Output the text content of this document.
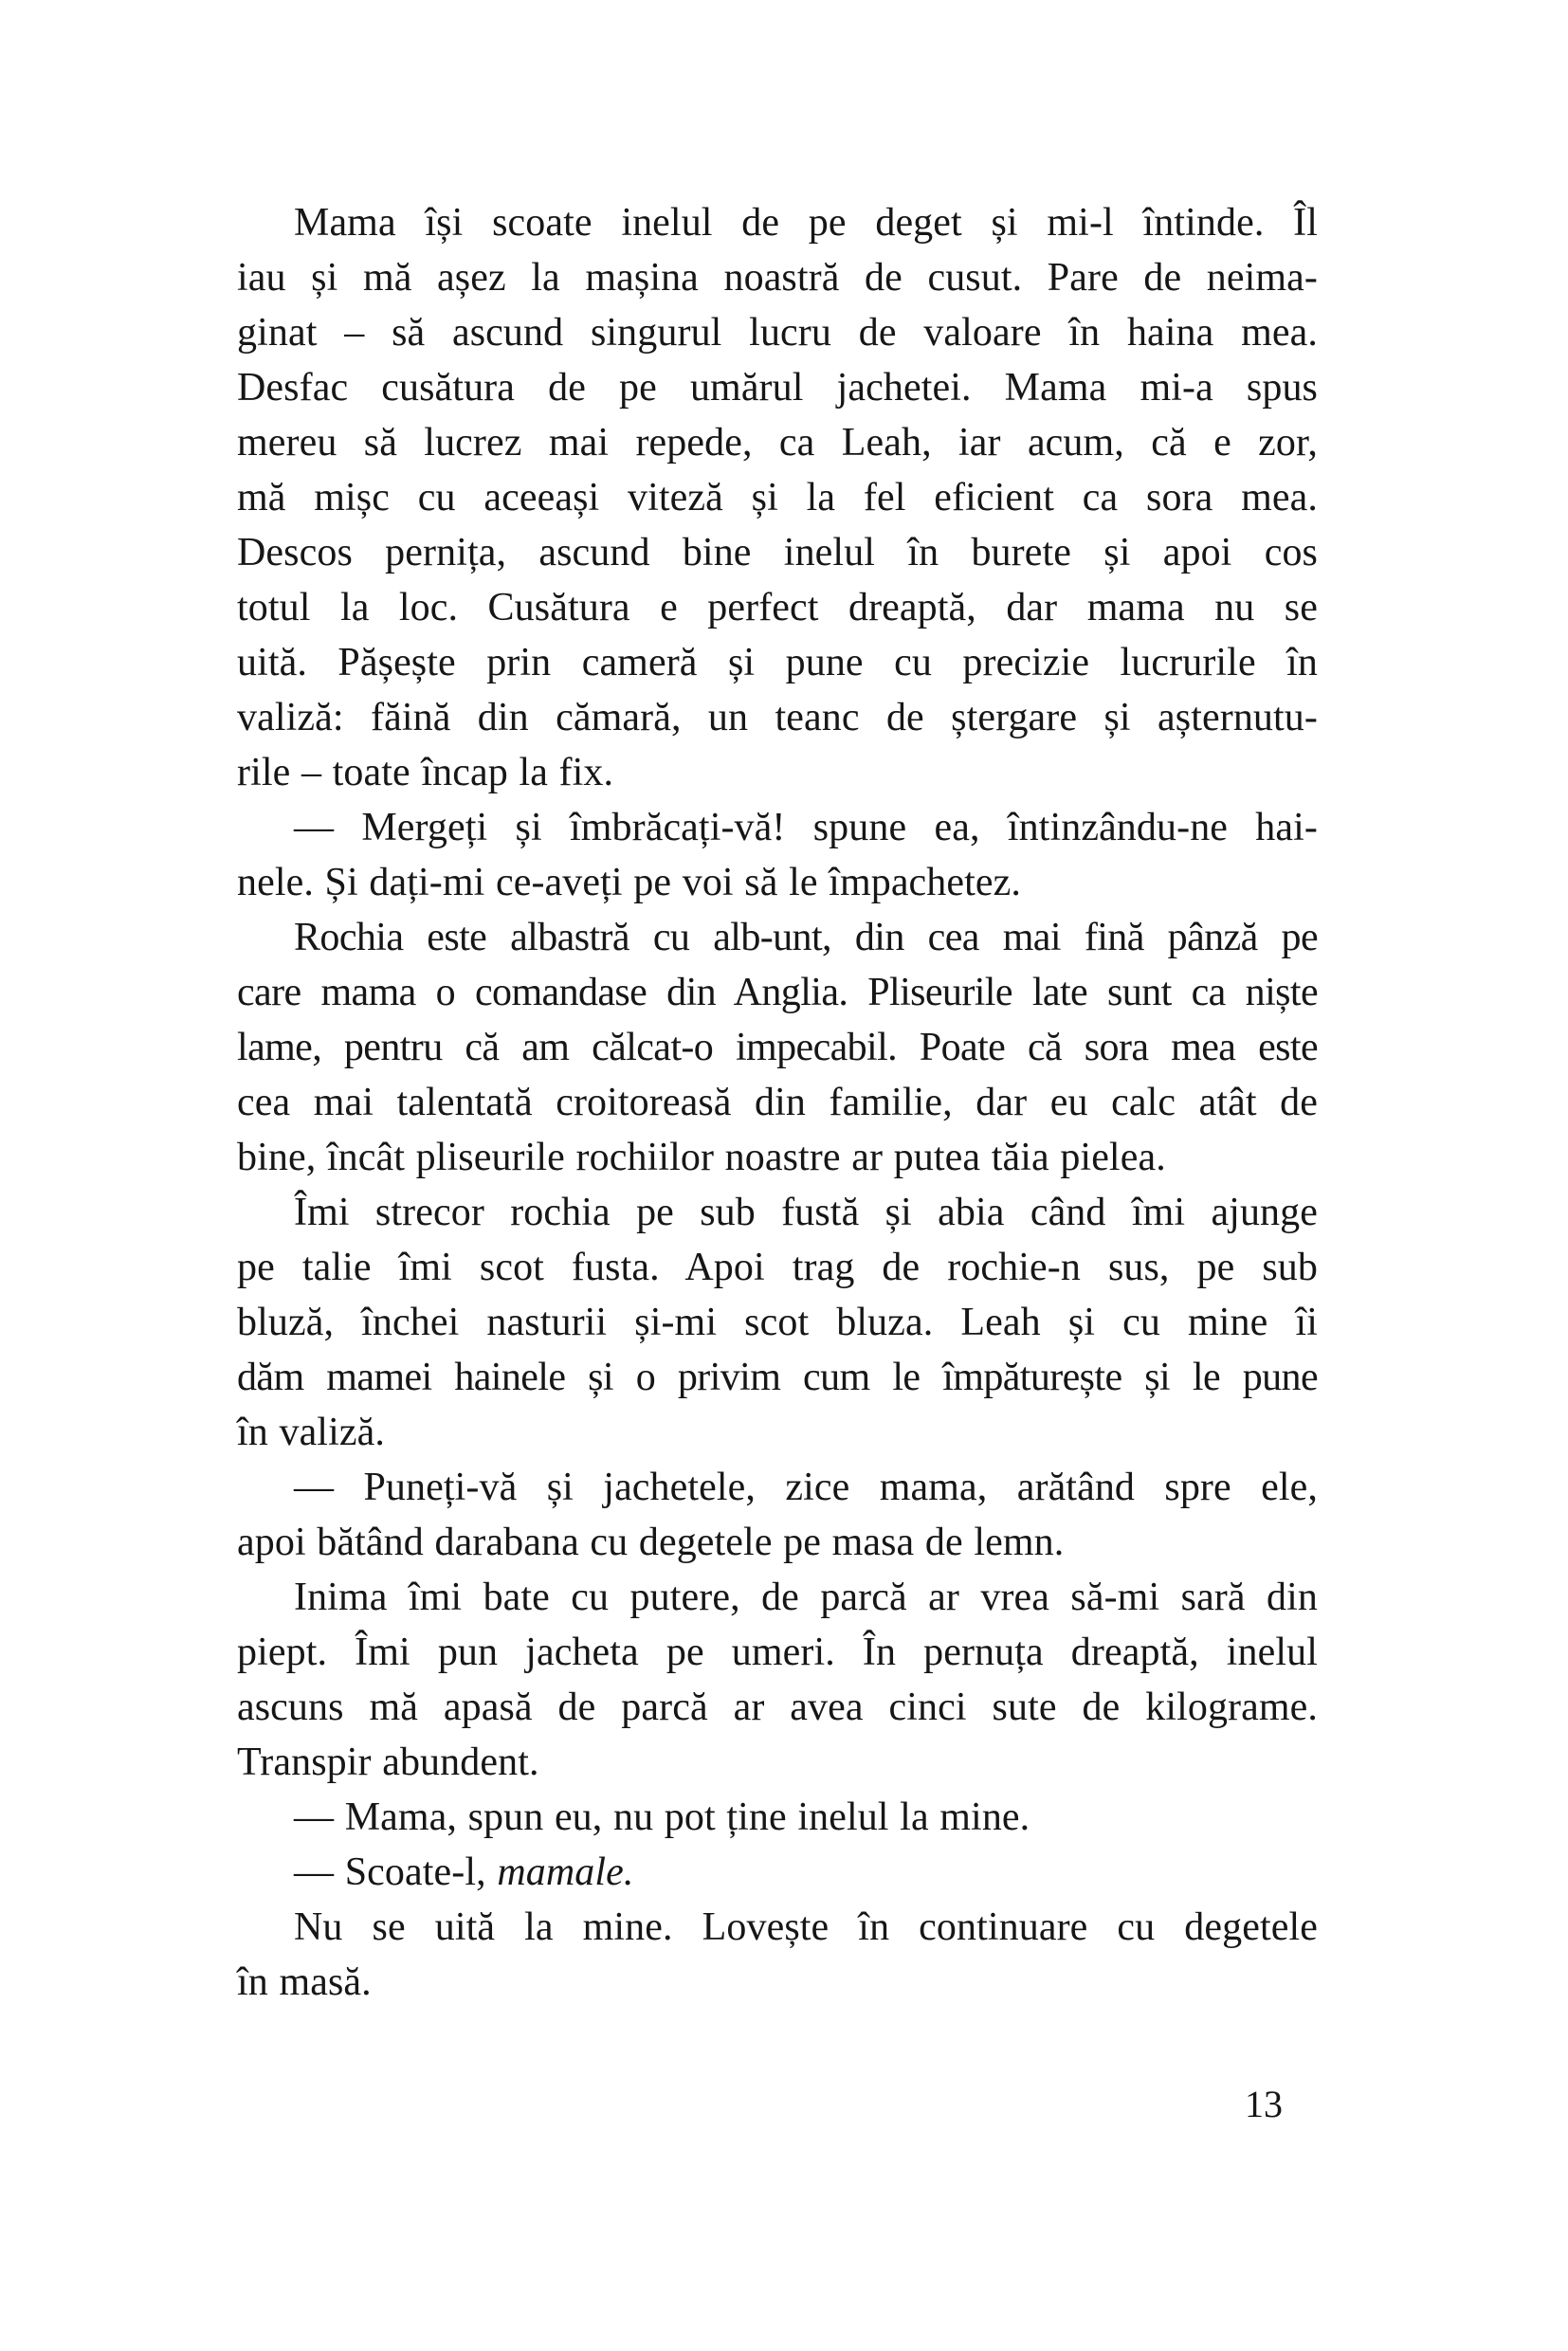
Mama își scoate inelul de pe deget și mi-l întinde. Îl
iau și mă așez la mașina noastră de cusut. Pare de neima-
ginat – să ascund singurul lucru de valoare în haina mea.
Desfac cusătura de pe umărul jachetei. Mama mi-a spus
mereu să lucrez mai repede, ca Leah, iar acum, că e zor,
mă mișc cu aceeași viteză și la fel eficient ca sora mea.
Descos pernița, ascund bine inelul în burete și apoi cos
totul la loc. Cusătura e perfect dreaptă, dar mama nu se
uită. Pășește prin cameră și pune cu precizie lucrurile în
valiză: făină din cămară, un teanc de ștergare și așternutu-
rile – toate încap la fix.
— Mergeți și îmbrăcați-vă! spune ea, întinzându-ne hai-
nele. Și dați-mi ce-aveți pe voi să le împachetez.
Rochia este albastră cu alb-unt, din cea mai fină pânză pe
care mama o comandase din Anglia. Pliseurile late sunt ca niște
lame, pentru că am călcat-o impecabil. Poate că sora mea este
cea mai talentată croitoreasă din familie, dar eu calc atât de
bine, încât pliseurile rochiilor noastre ar putea tăia pielea.
Îmi strecor rochia pe sub fustă și abia când îmi ajunge
pe talie îmi scot fusta. Apoi trag de rochie-n sus, pe sub
bluză, închei nasturii și-mi scot bluza. Leah și cu mine îi
dăm mamei hainele și o privim cum le împăturește și le pune
în valiză.
— Puneți-vă și jachetele, zice mama, arătând spre ele,
apoi bătând darabana cu degetele pe masa de lemn.
Inima îmi bate cu putere, de parcă ar vrea să-mi sară din
piept. Îmi pun jacheta pe umeri. În pernuța dreaptă, inelul
ascuns mă apasă de parcă ar avea cinci sute de kilograme.
Transpir abundent.
— Mama, spun eu, nu pot ține inelul la mine.
— Scoate-l, mamale.
Nu se uită la mine. Lovește în continuare cu degetele
în masă.
13
